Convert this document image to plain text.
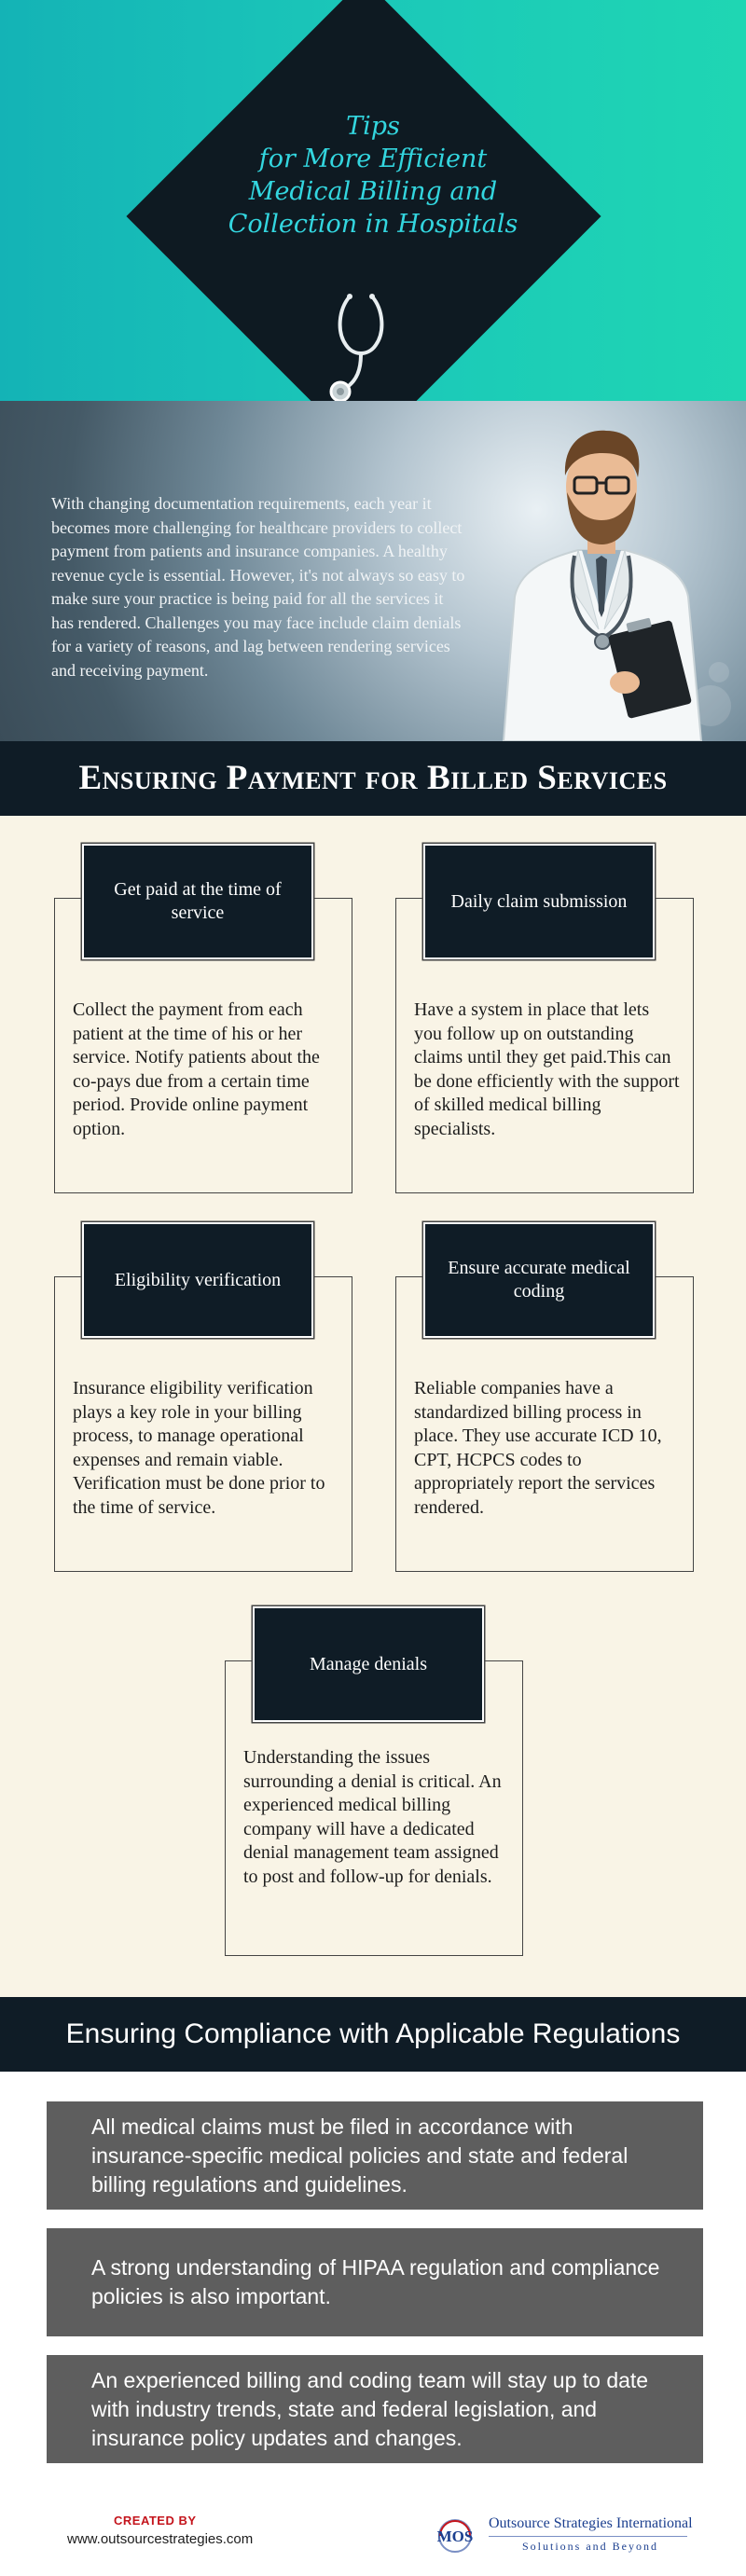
Tips
for More Efficient
Medical Billing and
Collection in Hospitals

With changing documentation requirements, each year it becomes more challenging for healthcare providers to collect payment from patients and insurance companies. A healthy revenue cycle is essential. However, it's not always so easy to make sure your practice is being paid for all the services it has rendered. Challenges you may face include claim denials for a variety of reasons, and lag between rendering services and receiving payment.

Ensuring Payment for Billed Services
Get paid at the time of service

Collect the payment from each patient at the time of his or her service. Notify patients about the co-pays due from a certain time period. Provide online payment option.

Daily claim submission

Have a system in place that lets you follow up on outstanding claims until they get paid.This can be done efficiently with the support of skilled medical billing specialists.

Eligibility verification

Insurance eligibility verification plays a key role in your billing process, to manage operational expenses and remain viable. Verification must be done prior to the time of service.

Ensure accurate medical coding

Reliable companies have a standardized billing process in place. They use accurate ICD 10, CPT, HCPCS codes to appropriately report the services rendered.

Manage denials

Understanding the issues surrounding a denial is critical. An experienced medical billing company will have a dedicated denial management team assigned to post and follow-up for denials.

Ensuring Compliance with Applicable Regulations

All medical claims must be filed in accordance with insurance-specific medical policies and state and federal billing regulations and guidelines.

A strong understanding of HIPAA regulation and compliance policies is also important.

An experienced billing and coding team will stay up to date with industry trends, state and federal legislation, and insurance policy updates and changes.

CREATED BY
www.outsourcestrategies.com	MOS
Outsource Strategies International
Solutions and Beyond
